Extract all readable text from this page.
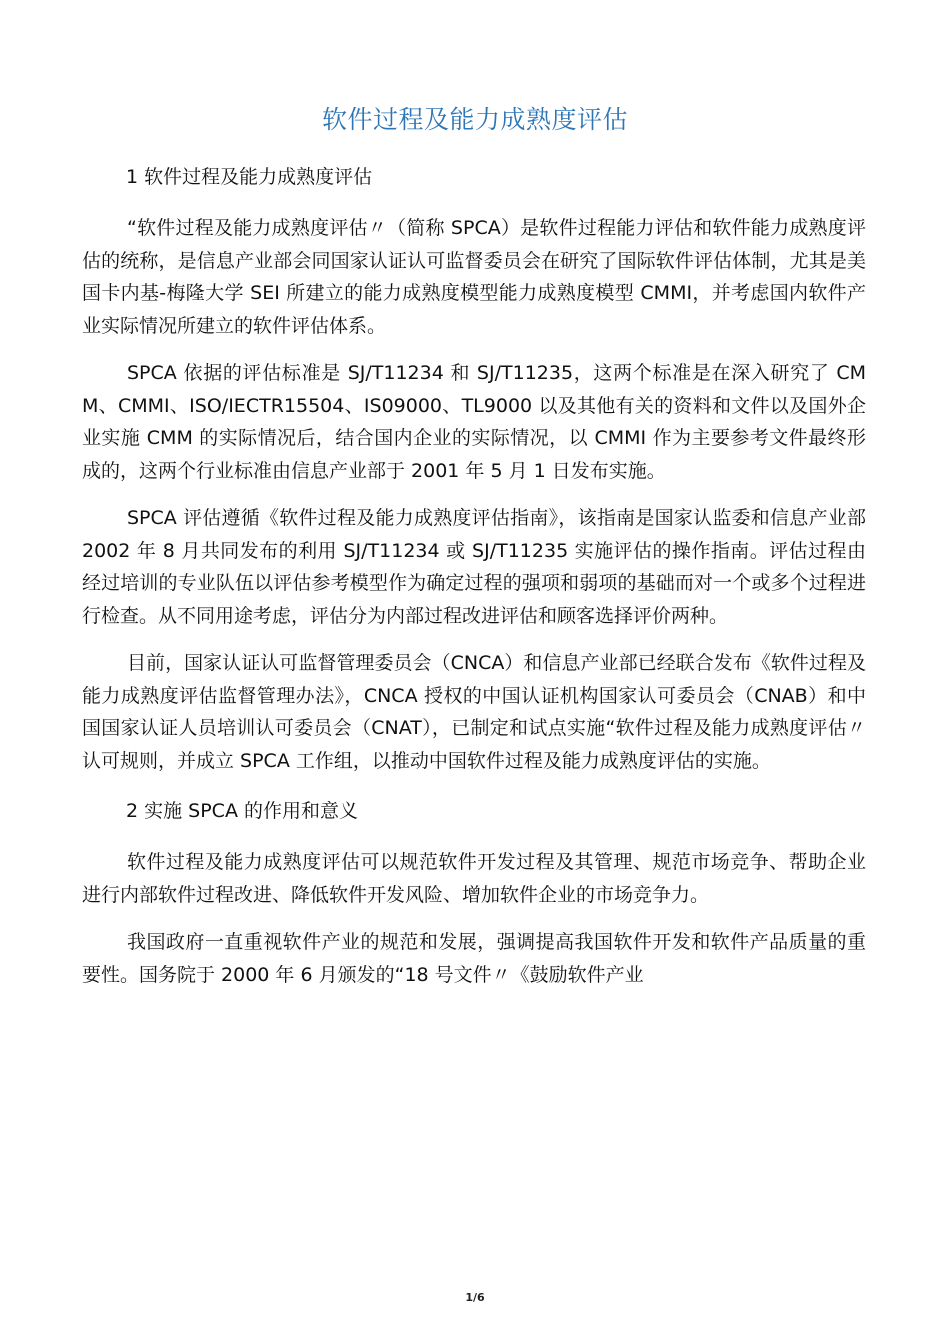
软件过程及能力成熟度评估
1 软件过程及能力成熟度评估

“软件过程及能力成熟度评估〃（简称 SPCA）是软件过程能力评估和软件能力成熟度评估的统称，是信息产业部会同国家认证认可监督委员会在研究了国际软件评估体制，尤其是美国卡内基-梅隆大学 SEI 所建立的能力成熟度模型能力成熟度模型 CMMI，并考虑国内软件产业实际情况所建立的软件评估体系。

SPCA 依据的评估标准是 SJ/T11234 和 SJ/T11235，这两个标准是在深入研究了 CMM、CMMI、ISO/IECTR15504、IS09000、TL9000 以及其他有关的资料和文件以及国外企业实施 CMM 的实际情况后，结合国内企业的实际情况，以 CMMI 作为主要参考文件最终形成的，这两个行业标准由信息产业部于 2001 年 5 月 1 日发布实施。

SPCA 评估遵循《软件过程及能力成熟度评估指南》，该指南是国家认监委和信息产业部 2002 年 8 月共同发布的利用 SJ/T11234 或 SJ/T11235 实施评估的操作指南。评估过程由经过培训的专业队伍以评估参考模型作为确定过程的强项和弱项的基础而对一个或多个过程进行检查。从不同用途考虑，评估分为内部过程改进评估和顾客选择评价两种。

目前，国家认证认可监督管理委员会（CNCA）和信息产业部已经联合发布《软件过程及能力成熟度评估监督管理办法》，CNCA 授权的中国认证机构国家认可委员会（CNAB）和中国国家认证人员培训认可委员会（CNAT），已制定和试点实施“软件过程及能力成熟度评估〃认可规则，并成立 SPCA 工作组，以推动中国软件过程及能力成熟度评估的实施。

2 实施 SPCA 的作用和意义

软件过程及能力成熟度评估可以规范软件开发过程及其管理、规范市场竞争、帮助企业进行内部软件过程改进、降低软件开发风险、增加软件企业的市场竞争力。

我国政府一直重视软件产业的规范和发展，强调提高我国软件开发和软件产品质量的重要性。国务院于 2000 年 6 月颁发的“18 号文件〃《鼓励软件产业

1/6
